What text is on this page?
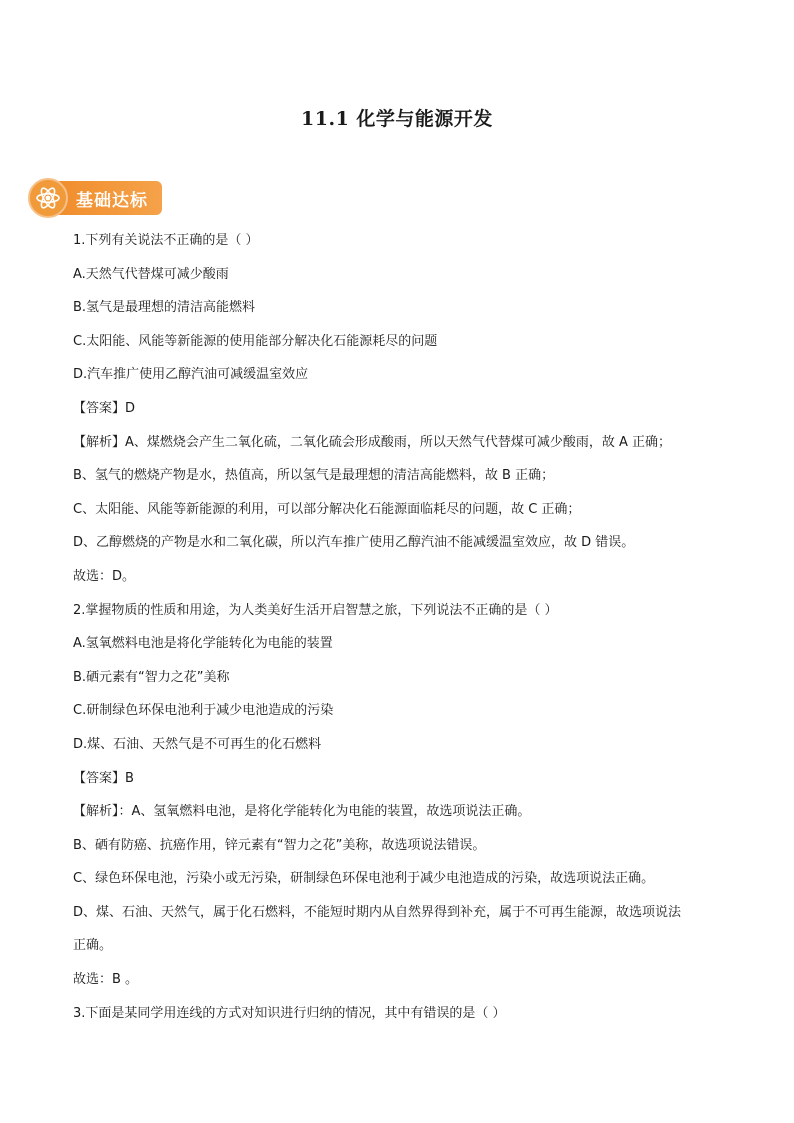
11.1 化学与能源开发
基础达标
1.下列有关说法不正确的是（ ）
A.天然气代替煤可减少酸雨
B.氢气是最理想的清洁高能燃料
C.太阳能、风能等新能源的使用能部分解决化石能源耗尽的问题
D.汽车推广使用乙醇汽油可减缓温室效应
【答案】D
【解析】A、煤燃烧会产生二氧化硫，二氧化硫会形成酸雨，所以天然气代替煤可减少酸雨，故 A 正确；
B、氢气的燃烧产物是水，热值高，所以氢气是最理想的清洁高能燃料，故 B 正确；
C、太阳能、风能等新能源的利用，可以部分解决化石能源面临耗尽的问题，故 C 正确；
D、乙醇燃烧的产物是水和二氧化碳，所以汽车推广使用乙醇汽油不能减缓温室效应，故 D 错误。
故选：D。
2.掌握物质的性质和用途，为人类美好生活开启智慧之旅，下列说法不正确的是（ ）
A.氢氧燃料电池是将化学能转化为电能的装置
B.硒元素有“智力之花”美称
C.研制绿色环保电池利于减少电池造成的污染
D.煤、石油、天然气是不可再生的化石燃料
【答案】B
【解析】：A、氢氧燃料电池，是将化学能转化为电能的装置，故选项说法正确。
B、硒有防癌、抗癌作用，锌元素有“智力之花”美称，故选项说法错误。
C、绿色环保电池，污染小或无污染，研制绿色环保电池利于减少电池造成的污染，故选项说法正确。
D、煤、石油、天然气，属于化石燃料，不能短时期内从自然界得到补充，属于不可再生能源，故选项说法
正确。
故选：B 。
3.下面是某同学用连线的方式对知识进行归纳的情况，其中有错误的是（ ）
